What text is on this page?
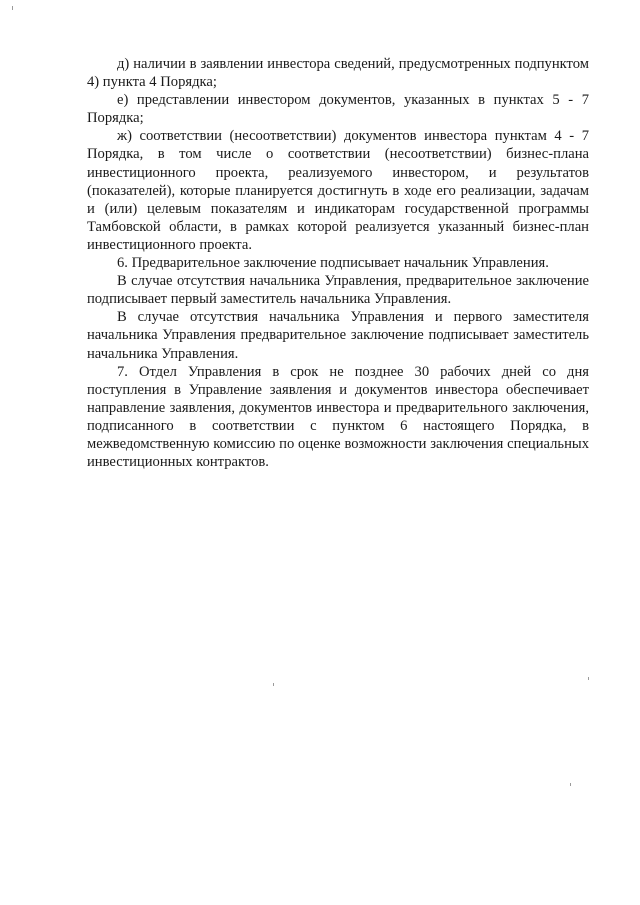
д) наличии в заявлении инвестора сведений, предусмотренных подпунктом 4) пункта 4 Порядка;

е) представлении инвестором документов, указанных в пунктах 5 - 7 Порядка;

ж) соответствии (несоответствии) документов инвестора пунктам 4 - 7 Порядка, в том числе о соответствии (несоответствии) бизнес-плана инвестиционного проекта, реализуемого инвестором, и результатов (показателей), которые планируется достигнуть в ходе его реализации, задачам и (или) целевым показателям и индикаторам государственной программы Тамбовской области, в рамках которой реализуется указанный бизнес-план инвестиционного проекта.

6. Предварительное заключение подписывает начальник Управления.

В случае отсутствия начальника Управления, предварительное заключение подписывает первый заместитель начальника Управления.

В случае отсутствия начальника Управления и первого заместителя начальника Управления предварительное заключение подписывает заместитель начальника Управления.

7. Отдел Управления в срок не позднее 30 рабочих дней со дня поступления в Управление заявления и документов инвестора обеспечивает направление заявления, документов инвестора и предварительного заключения, подписанного в соответствии с пунктом 6 настоящего Порядка, в межведомственную комиссию по оценке возможности заключения специальных инвестиционных контрактов.
